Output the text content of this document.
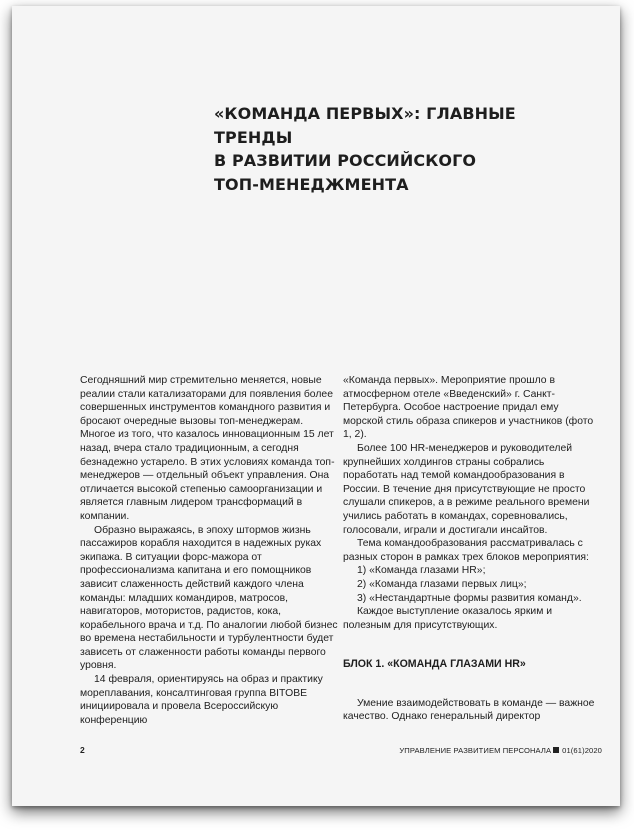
«КОМАНДА ПЕРВЫХ»: ГЛАВНЫЕ ТРЕНДЫ
В РАЗВИТИИ РОССИЙСКОГО
ТОП-МЕНЕДЖМЕНТА

Сегодняшний мир стремительно меняется, новые реалии стали катализаторами для появления более совершенных инструментов командного развития и бросают очередные вызовы топ-менеджерам. Многое из того, что казалось инновационным 15 лет назад, вчера стало традиционным, а сегодня безнадежно устарело. В этих условиях команда топ-менеджеров — отдельный объект управления. Она отличается высокой степенью самоорганизации и является главным лидером трансформаций в компании.

Образно выражаясь, в эпоху штормов жизнь пассажиров корабля находится в надежных руках экипажа. В ситуации форс-мажора от профессионализма капитана и его помощников зависит слаженность действий каждого члена команды: младших командиров, матросов, навигаторов, мотористов, радистов, кока, корабельного врача и т.д. По аналогии любой бизнес во времена нестабильности и турбулентности будет зависеть от слаженности работы команды первого уровня.

14 февраля, ориентируясь на образ и практику мореплавания, консалтинговая группа BITOBE инициировала и провела Всероссийскую конференцию

«Команда первых». Мероприятие прошло в атмосферном отеле «Введенский» г. Санкт-Петербурга. Особое настроение придал ему морской стиль образа спикеров и участников (фото 1, 2).

Более 100 HR-менеджеров и руководителей крупнейших холдингов страны собрались поработать над темой командообразования в России. В течение дня присутствующие не просто слушали спикеров, а в режиме реального времени учились работать в командах, соревновались, голосовали, играли и достигали инсайтов.

Тема командообразования рассматривалась с разных сторон в рамках трех блоков мероприятия:

1) «Команда глазами HR»;

2) «Команда глазами первых лиц»;

3) «Нестандартные формы развития команд».

Каждое выступление оказалось ярким и полезным для присутствующих.

БЛОК 1. «КОМАНДА ГЛАЗАМИ HR»

Умение взаимодействовать в команде — важное качество. Однако генеральный директор

2	УПРАВЛЕНИЕ РАЗВИТИЕМ ПЕРСОНАЛА 01(61)2020
